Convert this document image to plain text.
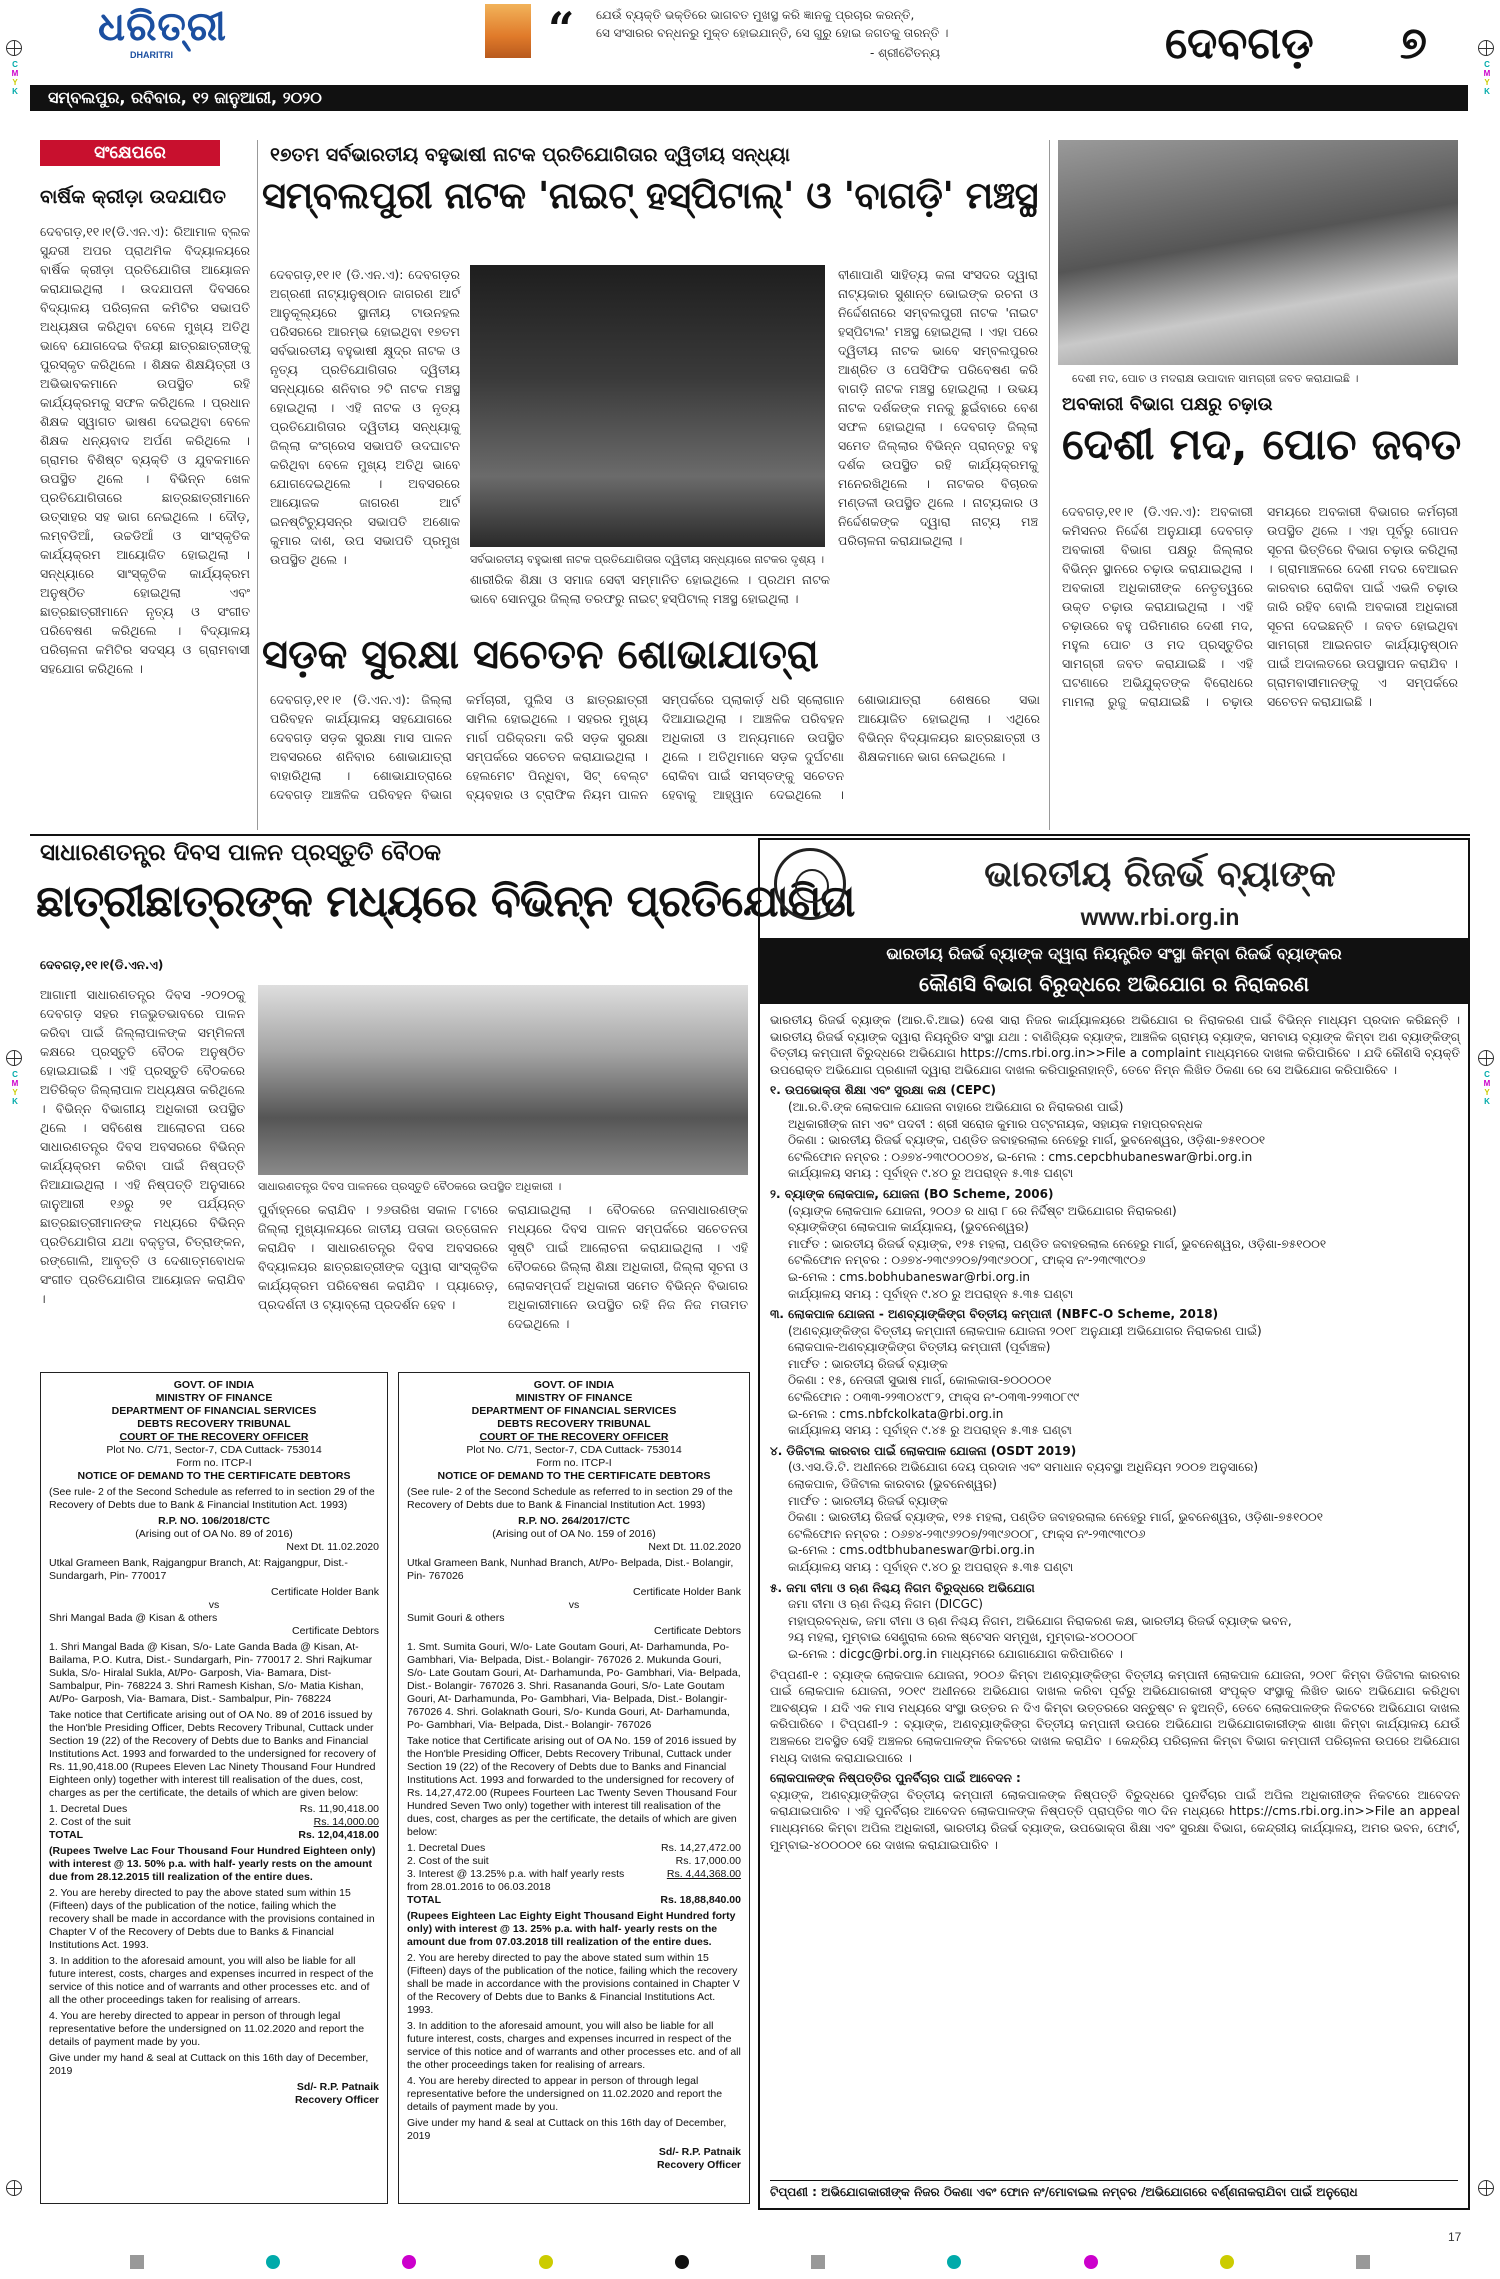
ଧରିତ୍ରୀ
DHARITRI	“ ଯେଉଁ ବ୍ୟକ୍ତି ଭକ୍ତିରେ ଭାଗବତ ମୁଖସ୍ଥ କରି ଜ୍ଞାନକୁ ପ୍ରଚାର କରନ୍ତି,
ସେ ସଂସାରର ବନ୍ଧନରୁ ମୁକ୍ତ ହୋଇଯାନ୍ତି, ସେ ଗୁରୁ ହୋଇ ଜଗତକୁ ତାରନ୍ତି ।
- ଶ୍ରୀଚୈତନ୍ୟ	ଦେବଗଡ଼ ୭
ସମ୍ବଲପୁର, ରବିବାର, ୧୨ ଜାନୁଆରୀ, ୨୦୨୦
C
M
Y
K
C
M
Y
K
C
M
Y
K
C
M
Y
K
ସଂକ୍ଷେପରେ
ବାର୍ଷିକ କ୍ରୀଡ଼ା ଉଦଯାପିତ
ଦେବଗଡ଼,୧୧।୧(ଡି.ଏନ.ଏ): ରିଆମାଳ ବ୍ଲକ ସୁନ୍ଦରୀ ଅପର ପ୍ରାଥମିକ ବିଦ୍ୟାଳୟରେ ବାର୍ଷିକ କ୍ରୀଡ଼ା ପ୍ରତିଯୋଗିତା ଆୟୋଜନ କରାଯାଇଥିଲା । ଉଦଯାପନୀ ଦିବସରେ ବିଦ୍ୟାଳୟ ପରିଚାଳନା କମିଟିର ସଭାପତି ଅଧ୍ୟକ୍ଷତା କରିଥିବା ବେଳେ ମୁଖ୍ୟ ଅତିଥି ଭାବେ ଯୋଗଦେଇ ବିଜୟୀ ଛାତ୍ରଛାତ୍ରୀଙ୍କୁ ପୁରସ୍କୃତ କରିଥିଲେ । ଶିକ୍ଷକ ଶିକ୍ଷୟିତ୍ରୀ ଓ ଅଭିଭାବକମାନେ ଉପସ୍ଥିତ ରହି କାର୍ଯ୍ୟକ୍ରମକୁ ସଫଳ କରିଥିଲେ । ପ୍ରଧାନ ଶିକ୍ଷକ ସ୍ୱାଗତ ଭାଷଣ ଦେଇଥିବା ବେଳେ ଶିକ୍ଷକ ଧନ୍ୟବାଦ ଅର୍ପଣ କରିଥିଲେ । ଗ୍ରାମର ବିଶିଷ୍ଟ ବ୍ୟକ୍ତି ଓ ଯୁବକମାନେ ଉପସ୍ଥିତ ଥିଲେ । ବିଭିନ୍ନ ଖେଳ ପ୍ରତିଯୋଗିତାରେ ଛାତ୍ରଛାତ୍ରୀମାନେ ଉତ୍ସାହର ସହ ଭାଗ ନେଇଥିଲେ । ଦୌଡ଼, ଲମ୍ବଡିଆଁ, ଉଚ୍ଚଡିଆଁ ଓ ସାଂସ୍କୃତିକ କାର୍ଯ୍ୟକ୍ରମ ଆୟୋଜିତ ହୋଇଥିଲା । ସନ୍ଧ୍ୟାରେ ସାଂସ୍କୃତିକ କାର୍ଯ୍ୟକ୍ରମ ଅନୁଷ୍ଠିତ ହୋଇଥିଲା ଏବଂ ଛାତ୍ରଛାତ୍ରୀମାନେ ନୃତ୍ୟ ଓ ସଂଗୀତ ପରିବେଷଣ କରିଥିଲେ । ବିଦ୍ୟାଳୟ ପରିଚାଳନା କମିଟିର ସଦସ୍ୟ ଓ ଗ୍ରାମବାସୀ ସହଯୋଗ କରିଥିଲେ ।
୧୭ତମ ସର୍ବଭାରତୀୟ ବହୁଭାଷୀ ନାଟକ ପ୍ରତିଯୋଗିତାର ଦ୍ୱିତୀୟ ସନ୍ଧ୍ୟା
ସମ୍ବଲପୁରୀ ନାଟକ 'ନାଇଟ୍ ହସ୍‌ପିଟାଲ୍' ଓ 'ବାଗଡ଼ି' ମଞ୍ଚସ୍ଥ
ଦେବଗଡ଼,୧୧।୧ (ଡି.ଏନ.ଏ): ଦେବଗଡ଼ର ଅଗ୍ରଣୀ ନାଟ୍ୟାନୁଷ୍ଠାନ ଜାଗରଣ ଆର୍ଟ ଆନୁକୂଲ୍ୟରେ ସ୍ଥାନୀୟ ଟାଉନହଲ ପରିସରରେ ଆରମ୍ଭ ହୋଇଥିବା ୧୭ତମ ସର୍ବଭାରତୀୟ ବହୁଭାଷୀ କ୍ଷୁଦ୍ର ନାଟକ ଓ ନୃତ୍ୟ ପ୍ରତିଯୋଗିତାର ଦ୍ୱିତୀୟ ସନ୍ଧ୍ୟାରେ ଶନିବାର ୨ଟି ନାଟକ ମଞ୍ଚସ୍ଥ ହୋଇଥିଲା । ଏହି ନାଟକ ଓ ନୃତ୍ୟ ପ୍ରତିଯୋଗିତାର ଦ୍ୱିତୀୟ ସନ୍ଧ୍ୟାକୁ ଜିଲ୍ଲା କଂଗ୍ରେସ ସଭାପତି ଉଦଘାଟନ କରିଥିବା ବେଳେ ମୁଖ୍ୟ ଅତିଥି ଭାବେ ଯୋଗଦେଇଥିଲେ । ଅବସରରେ ଆୟୋଜକ ଜାଗରଣ ଆର୍ଟ ଇନଷ୍ଟିଚ୍ୟୁସନ୍‌ର ସଭାପତି ଅଶୋକ କୁମାର ଦାଶ, ଉପ ସଭାପତି ପ୍ରମୁଖ ଉପସ୍ଥିତ ଥିଲେ ।	ସର୍ବଭାରତୀୟ ବହୁଭାଷୀ ନାଟକ ପ୍ରତିଯୋଗିତାର ଦ୍ୱିତୀୟ ସନ୍ଧ୍ୟାରେ ନାଟକର ଦୃଶ୍ୟ ।
ଶାରୀରିକ ଶିକ୍ଷା ଓ ସମାଜ ସେବୀ ସମ୍ମାନିତ ହୋଇଥିଲେ । ପ୍ରଥମ ନାଟକ ଭାବେ ସୋନପୁର ଜିଲ୍ଲା ତରଫରୁ ନାଇଟ୍ ହସ୍‌ପିଟାଲ୍ ମଞ୍ଚସ୍ଥ ହୋଇଥିଲା ।
ବୀଣାପାଣି ସାହିତ୍ୟ କଳା ସଂସଦର ଦ୍ୱାରା ନାଟ୍ୟକାର ସୁଶାନ୍ତ ଭୋଇଙ୍କ ରଚନା ଓ ନିର୍ଦ୍ଦେଶନାରେ ସମ୍ବଲପୁରୀ ନାଟକ 'ନାଇଟ ହସ୍‌ପିଟାଲ' ମଞ୍ଚସ୍ଥ ହୋଇଥିଲା । ଏହା ପରେ ଦ୍ୱିତୀୟ ନାଟକ ଭାବେ ସମ୍ବଲପୁରର ଆଶ୍ରିତ ଓ ପେସିଫିକ ପରିବେଷଣ କରି ବାଗଡ଼ି ନାଟକ ମଞ୍ଚସ୍ଥ ହୋଇଥିଲା । ଉଭୟ ନାଟକ ଦର୍ଶକଙ୍କ ମନକୁ ଛୁଇଁବାରେ ବେଶ ସଫଳ ହୋଇଥିଲା । ଦେବଗଡ଼ ଜିଲ୍ଲା ସମେତ ଜିଲ୍ଲାର ବିଭିନ୍ନ ପ୍ରାନ୍ତରୁ ବହୁ ଦର୍ଶକ ଉପସ୍ଥିତ ରହି କାର୍ଯ୍ୟକ୍ରମକୁ ମନେରଖିଥିଲେ । ନାଟକର ବିଚାରକ ମଣ୍ଡଳୀ ଉପସ୍ଥିତ ଥିଲେ । ନାଟ୍ୟକାର ଓ ନିର୍ଦ୍ଦେଶକଙ୍କ ଦ୍ୱାରା ନାଟ୍ୟ ମଞ୍ଚ ପରିଚାଳନା କରାଯାଇଥିଲା ।
ଦେଶୀ ମଦ, ପୋଚ ଓ ମଦରାକ୍ଷ ଉପାଦାନ ସାମଗ୍ରୀ ଜବତ କରାଯାଇଛି ।
ଅବକାରୀ ବିଭାଗ ପକ୍ଷରୁ ଚଢ଼ାଉ
ଦେଶୀ ମଦ, ପୋଚ ଜବତ
ଦେବଗଡ଼,୧୧।୧ (ଡି.ଏନ.ଏ): ଅବକାରୀ କମିସନର ନିର୍ଦ୍ଦେଶ ଅନୁଯାୟୀ ଦେବଗଡ଼ ଅବକାରୀ ବିଭାଗ ପକ୍ଷରୁ ଜିଲ୍ଲାର ବିଭିନ୍ନ ସ୍ଥାନରେ ଚଢ଼ାଉ କରାଯାଇଥିଲା । ଅବକାରୀ ଅଧିକାରୀଙ୍କ ନେତୃତ୍ୱରେ ଉକ୍ତ ଚଢ଼ାଉ କରାଯାଇଥିଲା । ଏହି ଚଢ଼ାଉରେ ବହୁ ପରିମାଣର ଦେଶୀ ମଦ, ମହୁଲ ପୋଚ ଓ ମଦ ପ୍ରସ୍ତୁତିର ସାମଗ୍ରୀ ଜବତ କରାଯାଇଛି । ଏହି ଘଟଣାରେ ଅଭିଯୁକ୍ତଙ୍କ ବିରୋଧରେ ମାମଲା ରୁଜୁ କରାଯାଇଛି । ଚଢ଼ାଉ ସମୟରେ ଅବକାରୀ ବିଭାଗର କର୍ମଚାରୀ ଉପସ୍ଥିତ ଥିଲେ । ଏହା ପୂର୍ବରୁ ଗୋପନ ସୂଚନା ଭିତ୍ତିରେ ବିଭାଗ ଚଢ଼ାଉ କରିଥିଲା । ଗ୍ରାମାଞ୍ଚଳରେ ଦେଶୀ ମଦର ବେଆଇନ କାରବାର ରୋକିବା ପାଇଁ ଏଭଳି ଚଢ଼ାଉ ଜାରି ରହିବ ବୋଲି ଅବକାରୀ ଅଧିକାରୀ ସୂଚନା ଦେଇଛନ୍ତି । ଜବତ ହୋଇଥିବା ସାମଗ୍ରୀ ଆଇନଗତ କାର୍ଯ୍ୟାନୁଷ୍ଠାନ ପାଇଁ ଅଦାଲତରେ ଉପସ୍ଥାପନ କରାଯିବ । ଗ୍ରାମବାସୀମାନଙ୍କୁ ଏ ସମ୍ପର୍କରେ ସଚେତନ କରାଯାଇଛି ।
ସଡ଼କ ସୁରକ୍ଷା ସଚେତନ ଶୋଭାଯାତ୍ରା
ଦେବଗଡ଼,୧୧।୧ (ଡି.ଏନ.ଏ): ଜିଲ୍ଲା ପରିବହନ କାର୍ଯ୍ୟାଳୟ ସହଯୋଗରେ ଦେବଗଡ଼ ସଡ଼କ ସୁରକ୍ଷା ମାସ ପାଳନ ଅବସରରେ ଶନିବାର ଶୋଭାଯାତ୍ରା ବାହାରିଥିଲା । ଶୋଭାଯାତ୍ରାରେ ଦେବଗଡ଼ ଆଞ୍ଚଳିକ ପରିବହନ ବିଭାଗ କର୍ମଚାରୀ, ପୁଲିସ ଓ ଛାତ୍ରଛାତ୍ରୀ ସାମିଲ ହୋଇଥିଲେ । ସହରର ମୁଖ୍ୟ ମାର୍ଗ ପରିକ୍ରମା କରି ସଡ଼କ ସୁରକ୍ଷା ସମ୍ପର୍କରେ ସଚେତନ କରାଯାଇଥିଲା । ହେଲମେଟ ପିନ୍ଧିବା, ସିଟ୍ ବେଲ୍ଟ ବ୍ୟବହାର ଓ ଟ୍ରାଫିକ ନିୟମ ପାଳନ ସମ୍ପର୍କରେ ପ୍ଲାକାର୍ଡ଼ ଧରି ସ୍ଲୋଗାନ ଦିଆଯାଇଥିଲା । ଆଞ୍ଚଳିକ ପରିବହନ ଅଧିକାରୀ ଓ ଅନ୍ୟମାନେ ଉପସ୍ଥିତ ଥିଲେ । ଅତିଥିମାନେ ସଡ଼କ ଦୁର୍ଘଟଣା ରୋକିବା ପାଇଁ ସମସ୍ତଙ୍କୁ ସଚେତନ ହେବାକୁ ଆହ୍ୱାନ ଦେଇଥିଲେ । ଶୋଭାଯାତ୍ରା ଶେଷରେ ସଭା ଆୟୋଜିତ ହୋଇଥିଲା । ଏଥିରେ ବିଭିନ୍ନ ବିଦ୍ୟାଳୟର ଛାତ୍ରଛାତ୍ରୀ ଓ ଶିକ୍ଷକମାନେ ଭାଗ ନେଇଥିଲେ ।
ସାଧାରଣତନ୍ତ୍ର ଦିବସ ପାଳନ ପ୍ରସ୍ତୁତି ବୈଠକ
ଛାତ୍ରୀଛାତ୍ରଙ୍କ ମଧ୍ୟରେ ବିଭିନ୍ନ ପ୍ରତିଯୋଗିତା
ଦେବଗଡ଼,୧୧।୧(ଡି.ଏନ.ଏ)
ଆଗାମୀ ସାଧାରଣତନ୍ତ୍ର ଦିବସ -୨୦୨୦କୁ ଦେବଗଡ଼ ସହର ମଜଭୁତଭାବରେ ପାଳନ କରିବା ପାଇଁ ଜିଲ୍ଲାପାଳଙ୍କ ସମ୍ମିଳନୀ କକ୍ଷରେ ପ୍ରସ୍ତୁତି ବୈଠକ ଅନୁଷ୍ଠିତ ହୋଇଯାଇଛି । ଏହି ପ୍ରସ୍ତୁତି ବୈଠକରେ ଅତିରିକ୍ତ ଜିଲ୍ଲାପାଳ ଅଧ୍ୟକ୍ଷତା କରିଥିଲେ । ବିଭିନ୍ନ ବିଭାଗୀୟ ଅଧିକାରୀ ଉପସ୍ଥିତ ଥିଲେ । ସବିଶେଷ ଆଲୋଚନା ପରେ ସାଧାରଣତନ୍ତ୍ର ଦିବସ ଅବସରରେ ବିଭିନ୍ନ କାର୍ଯ୍ୟକ୍ରମ କରିବା ପାଇଁ ନିଷ୍ପତ୍ତି ନିଆଯାଇଥିଲା । ଏହି ନିଷ୍ପତ୍ତି ଅନୁସାରେ ଜାନୁଆରୀ ୧୬ରୁ ୨୧ ପର୍ଯ୍ୟନ୍ତ ଛାତ୍ରଛାତ୍ରୀମାନଙ୍କ ମଧ୍ୟରେ ବିଭିନ୍ନ ପ୍ରତିଯୋଗିତା ଯଥା ବକ୍ତୃତା, ଚିତ୍ରାଙ୍କନ, ରଙ୍ଗୋଲି, ଆବୃତ୍ତି ଓ ଦେଶାତ୍ମବୋଧକ ସଂଗୀତ ପ୍ରତିଯୋଗିତା ଆୟୋଜନ କରାଯିବ ।
ସାଧାରଣତନ୍ତ୍ର ଦିବସ ପାଳନରେ ପ୍ରସ୍ତୁତି ବୈଠକରେ ଉପସ୍ଥିତ ଅଧିକାରୀ ।
ପୁର୍ବାହ୍ନରେ କରାଯିବ । ୨୬ତାରିଖ ସକାଳ ୮ଟାରେ ଜିଲ୍ଲା ମୁଖ୍ୟାଳୟରେ ଜାତୀୟ ପତାକା ଉତ୍ତୋଳନ କରାଯିବ । ସାଧାରଣତନ୍ତ୍ର ଦିବସ ଅବସରରେ ବିଦ୍ୟାଳୟର ଛାତ୍ରଛାତ୍ରୀଙ୍କ ଦ୍ୱାରା ସାଂସ୍କୃତିକ କାର୍ଯ୍ୟକ୍ରମ ପରିବେଷଣ କରାଯିବ । ପ୍ୟାରେଡ଼, ପ୍ରଦର୍ଶନୀ ଓ ଟ୍ୟାବ୍ଲୋ ପ୍ରଦର୍ଶନ ହେବ ।
କରାଯାଇଥିଲା । ବୈଠକରେ ଜନସାଧାରଣଙ୍କ ମଧ୍ୟରେ ଦିବସ ପାଳନ ସମ୍ପର୍କରେ ସଚେତନତା ସୃଷ୍ଟି ପାଇଁ ଆଲୋଚନା କରାଯାଇଥିଲା । ଏହି ବୈଠକରେ ଜିଲ୍ଲା ଶିକ୍ଷା ଅଧିକାରୀ, ଜିଲ୍ଲା ସୂଚନା ଓ ଲୋକସମ୍ପର୍କ ଅଧିକାରୀ ସମେତ ବିଭିନ୍ନ ବିଭାଗର ଅଧିକାରୀମାନେ ଉପସ୍ଥିତ ରହି ନିଜ ନିଜ ମତାମତ ଦେଇଥିଲେ ।
GOVT. OF INDIA
MINISTRY OF FINANCE
DEPARTMENT OF FINANCIAL SERVICES
DEBTS RECOVERY TRIBUNAL
COURT OF THE RECOVERY OFFICER
Plot No. C/71, Sector-7, CDA Cuttack- 753014
Form no. ITCP-I
NOTICE OF DEMAND TO THE CERTIFICATE DEBTORS

(See rule- 2 of the Second Schedule as referred to in section 29 of the Recovery of Debts due to Bank & Financial Institution Act. 1993)

R.P. NO. 106/2018/CTC
(Arising out of OA No. 89 of 2016)
Next Dt. 11.02.2020

Utkal Grameen Bank, Rajgangpur Branch, At: Rajgangpur, Dist.- Sundargarh, Pin- 770017

Certificate Holder Bank
vs
Shri Mangal Bada @ Kisan & others
Certificate Debtors

1. Shri Mangal Bada @ Kisan, S/o- Late Ganda Bada @ Kisan, At- Bailama, P.O. Kutra, Dist.- Sundargarh, Pin- 770017 2. Shri Rajkumar Sukla, S/o- Hiralal Sukla, At/Po- Garposh, Via- Bamara, Dist- Sambalpur, Pin- 768224 3. Shri Ramesh Kishan, S/o- Matia Kishan, At/Po- Garposh, Via- Bamara, Dist.- Sambalpur, Pin- 768224

Take notice that Certificate arising out of OA No. 89 of 2016 issued by the Hon'ble Presiding Officer, Debts Recovery Tribunal, Cuttack under Section 19 (22) of the Recovery of Debts due to Banks and Financial Institutions Act. 1993 and forwarded to the undersigned for recovery of Rs. 11,90,418.00 (Rupees Eleven Lac Ninety Thousand Four Hundred Eighteen only) together with interest till realisation of the dues, cost, charges as per the certificate, the details of which are given below:

1. Decretal Dues	Rs. 11,90,418.00
2. Cost of the suit	Rs. 14,000.00
TOTAL	Rs. 12,04,418.00

(Rupees Twelve Lac Four Thousand Four Hundred Eighteen only) with interest @ 13. 50% p.a. with half- yearly rests on the amount due from 28.12.2015 till realization of the entire dues.

2. You are hereby directed to pay the above stated sum within 15 (Fifteen) days of the publication of the notice, failing which the recovery shall be made in accordance with the provisions contained in Chapter V of the Recovery of Debts due to Banks & Financial Institutions Act. 1993.

3. In addition to the aforesaid amount, you will also be liable for all future interest, costs, charges and expenses incurred in respect of the service of this notice and of warrants and other processes etc. and of all the other proceedings taken for realising of arrears.

4. You are hereby directed to appear in person of through legal representative before the undersigned on 11.02.2020 and report the details of payment made by you.

Give under my hand & seal at Cuttack on this 16th day of December, 2019

Sd/- R.P. Patnaik
Recovery Officer
GOVT. OF INDIA
MINISTRY OF FINANCE
DEPARTMENT OF FINANCIAL SERVICES
DEBTS RECOVERY TRIBUNAL
COURT OF THE RECOVERY OFFICER
Plot No. C/71, Sector-7, CDA Cuttack- 753014
Form no. ITCP-I
NOTICE OF DEMAND TO THE CERTIFICATE DEBTORS

(See rule- 2 of the Second Schedule as referred to in section 29 of the Recovery of Debts due to Bank & Financial Institution Act. 1993)

R.P. NO. 264/2017/CTC
(Arising out of OA No. 159 of 2016)
Next Dt. 11.02.2020

Utkal Grameen Bank, Nunhad Branch, At/Po- Belpada, Dist.- Bolangir, Pin- 767026

Certificate Holder Bank
vs
Sumit Gouri & others
Certificate Debtors

1. Smt. Sumita Gouri, W/o- Late Goutam Gouri, At- Darhamunda, Po- Gambhari, Via- Belpada, Dist.- Bolangir- 767026 2. Mukunda Gouri, S/o- Late Goutam Gouri, At- Darhamunda, Po- Gambhari, Via- Belpada, Dist.- Bolangir- 767026 3. Shri. Rasananda Gouri, S/o- Late Goutam Gouri, At- Darhamunda, Po- Gambhari, Via- Belpada, Dist.- Bolangir- 767026 4. Shri. Golaknath Gouri, S/o- Kunda Gouri, At- Darhamunda, Po- Gambhari, Via- Belpada, Dist.- Bolangir- 767026

Take notice that Certificate arising out of OA No. 159 of 2016 issued by the Hon'ble Presiding Officer, Debts Recovery Tribunal, Cuttack under Section 19 (22) of the Recovery of Debts due to Banks and Financial Institutions Act. 1993 and forwarded to the undersigned for recovery of Rs. 14,27,472.00 (Rupees Fourteen Lac Twenty Seven Thousand Four Hundred Seven Two only) together with interest till realisation of the dues, cost, charges as per the certificate, the details of which are given below:

1. Decretal Dues	Rs. 14,27,472.00
2. Cost of the suit	Rs. 17,000.00
3. Interest @ 13.25% p.a. with half yearly rests from 28.01.2016 to 06.03.2018
Rs. 4,44,368.00
TOTAL	Rs. 18,88,840.00

(Rupees Eighteen Lac Eighty Eight Thousand Eight Hundred forty only) with interest @ 13. 25% p.a. with half- yearly rests on the amount due from 07.03.2018 till realization of the entire dues.

2. You are hereby directed to pay the above stated sum within 15 (Fifteen) days of the publication of the notice, failing which the recovery shall be made in accordance with the provisions contained in Chapter V of the Recovery of Debts due to Banks & Financial Institutions Act. 1993.

3. In addition to the aforesaid amount, you will also be liable for all future interest, costs, charges and expenses incurred in respect of the service of this notice and of warrants and other processes etc. and of all the other proceedings taken for realising of arrears.

4. You are hereby directed to appear in person of through legal representative before the undersigned on 11.02.2020 and report the details of payment made by you.

Give under my hand & seal at Cuttack on this 16th day of December, 2019

Sd/- R.P. Patnaik
Recovery Officer
ଭାରତୀୟ ରିଜର୍ଭ ବ୍ୟାଙ୍କ
www.rbi.org.in
ଭାରତୀୟ ରିଜର୍ଭ ବ୍ୟାଙ୍କ ଦ୍ୱାରା ନିୟନ୍ତ୍ରିତ ସଂସ୍ଥା କିମ୍ବା ରିଜର୍ଭ ବ୍ୟାଙ୍କର
କୌଣସି ବିଭାଗ ବିରୁଦ୍ଧରେ ଅଭିଯୋଗ ର ନିରାକରଣ
ଭାରତୀୟ ରିଜର୍ଭ ବ୍ୟାଙ୍କ (ଆର.ବି.ଆଇ) ଦେଶ ସାରା ନିଜର କାର୍ଯ୍ୟାଳୟରେ ଅଭିଯୋଗ ର ନିରାକରଣ ପାଇଁ ବିଭିନ୍ନ ମାଧ୍ୟମ ପ୍ରଦାନ କରିଛନ୍ତି । ଭାରତୀୟ ରିଜର୍ଭ ବ୍ୟାଙ୍କ ଦ୍ୱାରା ନିୟନ୍ତ୍ରିତ ସଂସ୍ଥା ଯଥା : ବାଣିଜ୍ୟିକ ବ୍ୟାଙ୍କ, ଆଞ୍ଚଳିକ ଗ୍ରାମ୍ୟ ବ୍ୟାଙ୍କ, ସମବାୟ ବ୍ୟାଙ୍କ କିମ୍ବା ଅଣ ବ୍ୟାଙ୍କିଙ୍ଗ୍ ବିତ୍ତୀୟ କମ୍ପାନୀ ବିରୁଦ୍ଧରେ ଅଭିଯୋଗ https://cms.rbi.org.in>>File a complaint ମାଧ୍ୟମରେ ଦାଖଲ କରିପାରିବେ । ଯଦି କୌଣସି ବ୍ୟକ୍ତି ଉପରୋକ୍ତ ଅଭିଯୋଗ ପ୍ରଣାଳୀ ଦ୍ୱାରା ଅଭିଯୋଗ ଦାଖଲ କରିପାରୁନାହାନ୍ତି, ତେବେ ନିମ୍ନ ଲିଖିତ ଠିକଣା ରେ ସେ ଅଭିଯୋଗ କରିପାରିବେ ।
୧. ଉପଭୋକ୍ତା ଶିକ୍ଷା ଏବଂ ସୁରକ୍ଷା କକ୍ଷ (CEPC)
(ଆ.ର.ବି.ଙ୍କ ଲୋକପାଳ ଯୋଜନା ବାହାରେ ଅଭିଯୋଗ ର ନିରାକରଣ ପାଇଁ)
ଅଧିକାରୀଙ୍କ ନାମ ଏବଂ ପଦବୀ : ଶ୍ରୀ ସରୋଜ କୁମାର ପଟ୍ଟନାୟକ, ସହାୟକ ମହାପ୍ରବନ୍ଧକ
ଠିକଣା : ଭାରତୀୟ ରିଜର୍ଭ ବ୍ୟାଙ୍କ, ପଣ୍ଡିତ ଜବାହରଲାଲ ନେହେରୁ ମାର୍ଗ, ଭୁବନେଶ୍ୱର, ଓଡ଼ିଶା-୭୫୧୦୦୧
ଟେଲିଫୋନ ନମ୍ବର : ୦୬୭୪-୨୩୯୦୦୦୭୪, ଇ-ମେଲ : cms.cepcbhubaneswar@rbi.org.in
କାର୍ଯ୍ୟାଳୟ ସମୟ : ପୂର୍ବାହ୍ନ ୯.୪୦ ରୁ ଅପରାହ୍ନ ୫.୩୫ ଘଣ୍ଟା
୨. ବ୍ୟାଙ୍କ ଲୋକପାଳ, ଯୋଜନା (BO Scheme, 2006)
(ବ୍ୟାଙ୍କ ଲୋକପାଳ ଯୋଜନା, ୨୦୦୬ ର ଧାରା ୮ ରେ ନିର୍ଦ୍ଦିଷ୍ଟ ଅଭିଯୋଗର ନିରାକରଣ)
ବ୍ୟାଙ୍କିଙ୍ଗ ଲୋକପାଳ କାର୍ଯ୍ୟାଳୟ, (ଭୁବନେଶ୍ୱର)
ମାର୍ଫତ : ଭାରତୀୟ ରିଜର୍ଭ ବ୍ୟାଙ୍କ, ୧୨୫ ମହଲା, ପଣ୍ଡିତ ଜବାହରଲାଲ ନେହେରୁ ମାର୍ଗ, ଭୁବନେଶ୍ୱର, ଓଡ଼ିଶା-୭୫୧୦୦୧
ଟେଲିଫୋନ ନମ୍ବର : ୦୬୭୪-୨୩୯୬୨୦୭/୨୩୯୬୦୦୮, ଫାକ୍ସ ନଂ-୨୩୯୩୯୦୬
ଇ-ମେଲ : cms.bobhubaneswar@rbi.org.in
କାର୍ଯ୍ୟାଳୟ ସମୟ : ପୂର୍ବାହ୍ନ ୯.୪୦ ରୁ ଅପରାହ୍ନ ୫.୩୫ ଘଣ୍ଟା
୩. ଲୋକପାଳ ଯୋଜନା - ଅଣବ୍ୟାଙ୍କିଙ୍ଗ ବିତ୍ତୀୟ କମ୍ପାନୀ (NBFC-O Scheme, 2018)
(ଅଣବ୍ୟାଙ୍କିଙ୍ଗ ବିତ୍ତୀୟ କମ୍ପାନୀ ଲୋକପାଳ ଯୋଜନା ୨୦୧୮ ଅନୁଯାୟୀ ଅଭିଯୋଗର ନିରାକରଣ ପାଇଁ)
ଲୋକପାଳ-ଅଣବ୍ୟାଙ୍କିଙ୍ଗ ବିତ୍ତୀୟ କମ୍ପାନୀ (ପୂର୍ବାଞ୍ଚଳ)
ମାର୍ଫତ : ଭାରତୀୟ ରିଜର୍ଭ ବ୍ୟାଙ୍କ
ଠିକଣା : ୧୫, ନେତାଜୀ ସୁଭାଷ ମାର୍ଗ, କୋଲକାତା-୭୦୦୦୦୧
ଟେଲିଫୋନ : ୦୩୩-୨୨୩୦୪୯୮୨, ଫାକ୍ସ ନଂ-୦୩୩-୨୨୩୦୮୯୯
ଇ-ମେଲ : cms.nbfckolkata@rbi.org.in
କାର୍ଯ୍ୟାଳୟ ସମୟ : ପୂର୍ବାହ୍ନ ୯.୪୫ ରୁ ଅପରାହ୍ନ ୫.୩୫ ଘଣ୍ଟା
୪. ଡିଜିଟାଲ କାରବାର ପାଇଁ ଲୋକପାଳ ଯୋଜନା (OSDT 2019)
(ଓ.ଏସ.ଡି.ଟି. ଅଧୀନରେ ଅଭିଯୋଗ ଦେୟ ପ୍ରଦାନ ଏବଂ ସମାଧାନ ବ୍ୟବସ୍ଥା ଅଧିନିୟମ ୨୦୦୭ ଅନୁସାରେ)
ଲୋକପାଳ, ଡିଜିଟାଲ କାରବାର (ଭୁବନେଶ୍ୱର)
ମାର୍ଫତ : ଭାରତୀୟ ରିଜର୍ଭ ବ୍ୟାଙ୍କ
ଠିକଣା : ଭାରତୀୟ ରିଜର୍ଭ ବ୍ୟାଙ୍କ, ୧୨୫ ମହଲା, ପଣ୍ଡିତ ଜବାହରଲାଲ ନେହେରୁ ମାର୍ଗ, ଭୁବନେଶ୍ୱର, ଓଡ଼ିଶା-୭୫୧୦୦୧
ଟେଲିଫୋନ ନମ୍ବର : ୦୬୭୪-୨୩୯୬୨୦୭/୨୩୯୬୦୦୮, ଫାକ୍ସ ନଂ-୨୩୯୩୯୦୬
ଇ-ମେଲ : cms.odtbhubaneswar@rbi.org.in
କାର୍ଯ୍ୟାଳୟ ସମୟ : ପୂର୍ବାହ୍ନ ୯.୪୦ ରୁ ଅପରାହ୍ନ ୫.୩୫ ଘଣ୍ଟା
୫. ଜମା ବୀମା ଓ ଋଣ ନିଶ୍ଚୟ ନିଗମ ବିରୁଦ୍ଧରେ ଅଭିଯୋଗ
ଜମା ବୀମା ଓ ଋଣ ନିଶ୍ଚୟ ନିଗମ (DICGC)
ମହାପ୍ରବନ୍ଧକ, ଜମା ବୀମା ଓ ଋଣ ନିଶ୍ଚୟ ନିଗମ, ଅଭିଯୋଗ ନିରାକରଣ କକ୍ଷ, ଭାରତୀୟ ରିଜର୍ଭ ବ୍ୟାଙ୍କ ଭବନ,
୨ୟ ମହଲା, ମୁମ୍ବାଇ ସେଣ୍ଟ୍ରାଲ ରେଲ ଷ୍ଟେସନ ସମ୍ମୁଖ, ମୁମ୍ବାଇ-୪୦୦୦୦୮
ଇ-ମେଲ : dicgc@rbi.org.in ମାଧ୍ୟମରେ ଯୋଗାଯୋଗ କରିପାରିବେ ।
ଟିପ୍ପଣୀ-୧ : ବ୍ୟାଙ୍କ ଲୋକପାଳ ଯୋଜନା, ୨୦୦୬ କିମ୍ବା ଅଣବ୍ୟାଙ୍କିଙ୍ଗ ବିତ୍ତୀୟ କମ୍ପାନୀ ଲୋକପାଳ ଯୋଜନା, ୨୦୧୮ କିମ୍ବା ଡିଜିଟାଲ କାରବାର ପାଇଁ ଲୋକପାଳ ଯୋଜନା, ୨୦୧୯ ଅଧୀନରେ ଅଭିଯୋଗ ଦାଖଲ କରିବା ପୂର୍ବରୁ ଅଭିଯୋଗକାରୀ ସଂପୃକ୍ତ ସଂସ୍ଥାକୁ ଲିଖିତ ଭାବେ ଅଭିଯୋଗ କରିଥିବା ଆବଶ୍ୟକ । ଯଦି ଏକ ମାସ ମଧ୍ୟରେ ସଂସ୍ଥା ଉତ୍ତର ନ ଦିଏ କିମ୍ବା ଉତ୍ତରରେ ସନ୍ତୁଷ୍ଟ ନ ହୁଅନ୍ତି, ତେବେ ଲୋକପାଳଙ୍କ ନିକଟରେ ଅଭିଯୋଗ ଦାଖଲ କରିପାରିବେ । ଟିପ୍ପଣୀ-୨ : ବ୍ୟାଙ୍କ, ଅଣବ୍ୟାଙ୍କିଙ୍ଗ ବିତ୍ତୀୟ କମ୍ପାନୀ ଉପରେ ଅଭିଯୋଗ ଅଭିଯୋଗକାରୀଙ୍କ ଶାଖା କିମ୍ବା କାର୍ଯ୍ୟାଳୟ ଯେଉଁ ଅଞ୍ଚଳରେ ଅବସ୍ଥିତ ସେହି ଅଞ୍ଚଳର ଲୋକପାଳଙ୍କ ନିକଟରେ ଦାଖଲ କରାଯିବ । କେନ୍ଦ୍ରିୟ ପରିଚାଳନା କିମ୍ବା ବିଭାଗ କମ୍ପାନୀ ପରିଚାଳନା ଉପରେ ଅଭିଯୋଗ ମଧ୍ୟ ଦାଖଲ କରାଯାଇପାରେ ।
ଲୋକପାଳଙ୍କ ନିଷ୍ପତ୍ତିର ପୁନର୍ବିଚାର ପାଇଁ ଆବେଦନ :
ବ୍ୟାଙ୍କ, ଅଣବ୍ୟାଙ୍କିଙ୍ଗ ବିତ୍ତୀୟ କମ୍ପାନୀ ଲୋକପାଳଙ୍କ ନିଷ୍ପତ୍ତି ବିରୁଦ୍ଧରେ ପୁନର୍ବିଚାର ପାଇଁ ଅପିଲ ଅଧିକାରୀଙ୍କ ନିକଟରେ ଆବେଦନ କରାଯାଇପାରିବ । ଏହି ପୁନର୍ବିଚାର ଆବେଦନ ଲୋକପାଳଙ୍କ ନିଷ୍ପତ୍ତି ପ୍ରାପ୍ତିର ୩୦ ଦିନ ମଧ୍ୟରେ https://cms.rbi.org.in>>File an appeal ମାଧ୍ୟମରେ କିମ୍ବା ଅପିଲ ଅଧିକାରୀ, ଭାରତୀୟ ରିଜର୍ଭ ବ୍ୟାଙ୍କ, ଉପଭୋକ୍ତା ଶିକ୍ଷା ଏବଂ ସୁରକ୍ଷା ବିଭାଗ, କେନ୍ଦ୍ରୀୟ କାର୍ଯ୍ୟାଳୟ, ଅମର ଭବନ, ଫୋର୍ଟ, ମୁମ୍ବାଇ-୪୦୦୦୦୧ ରେ ଦାଖଲ କରାଯାଇପାରିବ ।
ଟିପ୍ପଣୀ : ଅଭିଯୋଗକାରୀଙ୍କ ନିଜର ଠିକଣା ଏବଂ ଫୋନ ନଂ/ମୋବାଇଲ ନମ୍ବର /ଅଭିଯୋଗରେ ବର୍ଣ୍ଣନାକରାଯିବା ପାଇଁ ଅନୁରୋଧ
17
